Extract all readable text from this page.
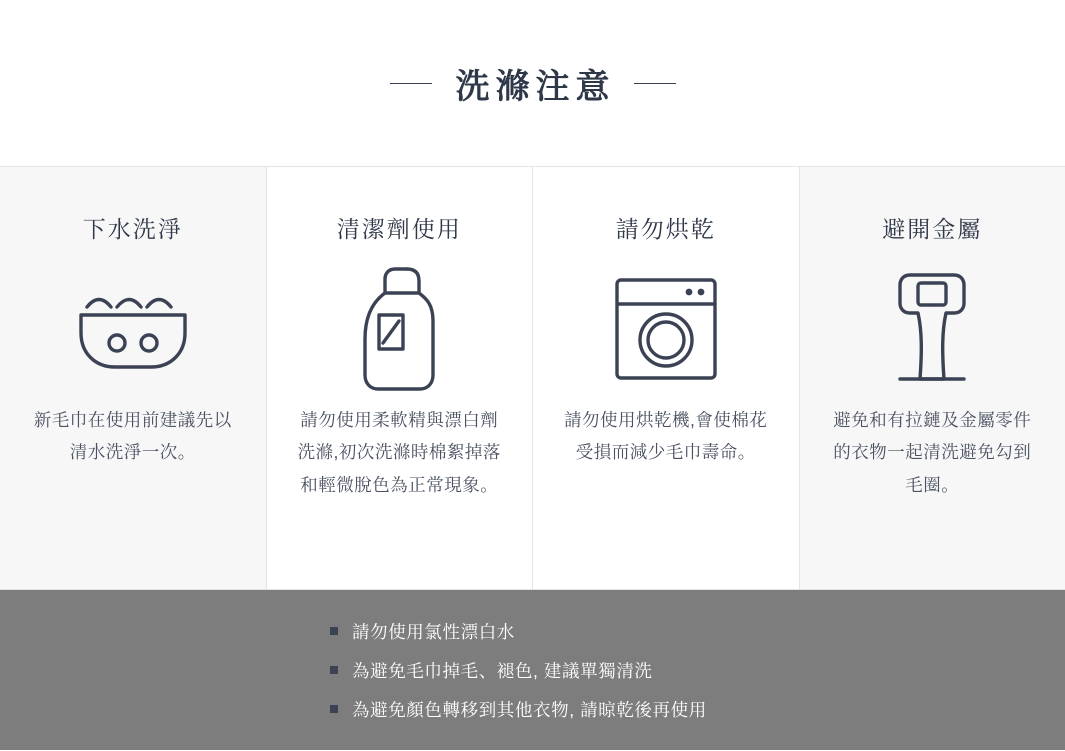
洗滌注意
下水洗淨
新毛巾在使用前建議先以清水洗淨一次。
清潔劑使用
請勿使用柔軟精與漂白劑洗滌,初次洗滌時棉絮掉落和輕微脫色為正常現象。
請勿烘乾
請勿使用烘乾機,會使棉花受損而減少毛巾壽命。
避開金屬
避免和有拉鏈及金屬零件的衣物一起清洗避免勾到毛圈。
請勿使用氯性漂白水
為避免毛巾掉毛、褪色, 建議單獨清洗
為避免顏色轉移到其他衣物, 請晾乾後再使用
